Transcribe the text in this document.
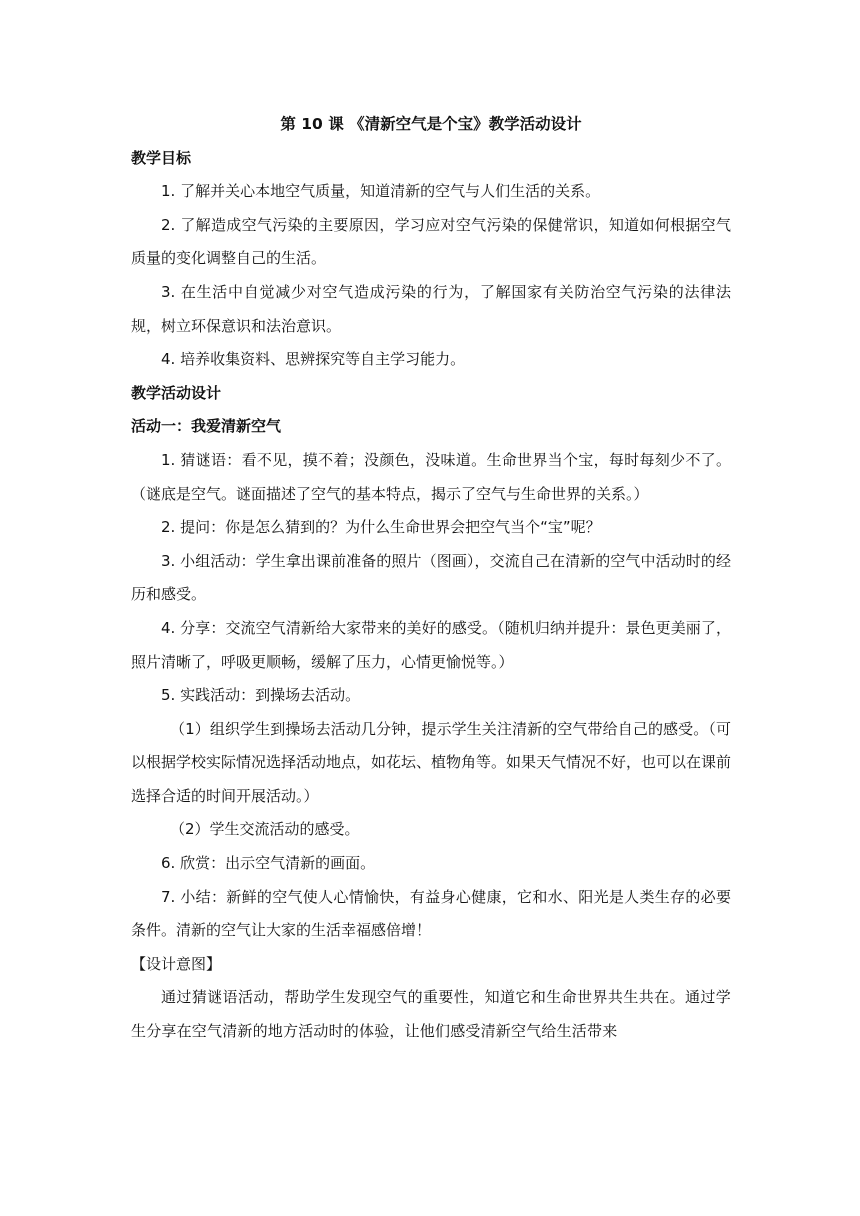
第 10 课 《清新空气是个宝》教学活动设计

教学目标

1. 了解并关心本地空气质量，知道清新的空气与人们生活的关系。

2. 了解造成空气污染的主要原因，学习应对空气污染的保健常识，知道如何根据空气质量的变化调整自己的生活。

3. 在生活中自觉减少对空气造成污染的行为，了解国家有关防治空气污染的法律法规，树立环保意识和法治意识。

4. 培养收集资料、思辨探究等自主学习能力。

教学活动设计

活动一：我爱清新空气

1. 猜谜语：看不见，摸不着；没颜色，没味道。生命世界当个宝，每时每刻少不了。（谜底是空气。谜面描述了空气的基本特点，揭示了空气与生命世界的关系。）

2. 提问：你是怎么猜到的？为什么生命世界会把空气当个“宝”呢？

3. 小组活动：学生拿出课前准备的照片（图画），交流自己在清新的空气中活动时的经历和感受。

4. 分享：交流空气清新给大家带来的美好的感受。（随机归纳并提升：景色更美丽了，照片清晰了，呼吸更顺畅，缓解了压力，心情更愉悦等。）

5. 实践活动：到操场去活动。

（1）组织学生到操场去活动几分钟，提示学生关注清新的空气带给自己的感受。（可以根据学校实际情况选择活动地点，如花坛、植物角等。如果天气情况不好，也可以在课前选择合适的时间开展活动。）

（2）学生交流活动的感受。

6. 欣赏：出示空气清新的画面。

7. 小结：新鲜的空气使人心情愉快，有益身心健康，它和水、阳光是人类生存的必要条件。清新的空气让大家的生活幸福感倍增！

【设计意图】

通过猜谜语活动，帮助学生发现空气的重要性，知道它和生命世界共生共在。通过学生分享在空气清新的地方活动时的体验，让他们感受清新空气给生活带来
